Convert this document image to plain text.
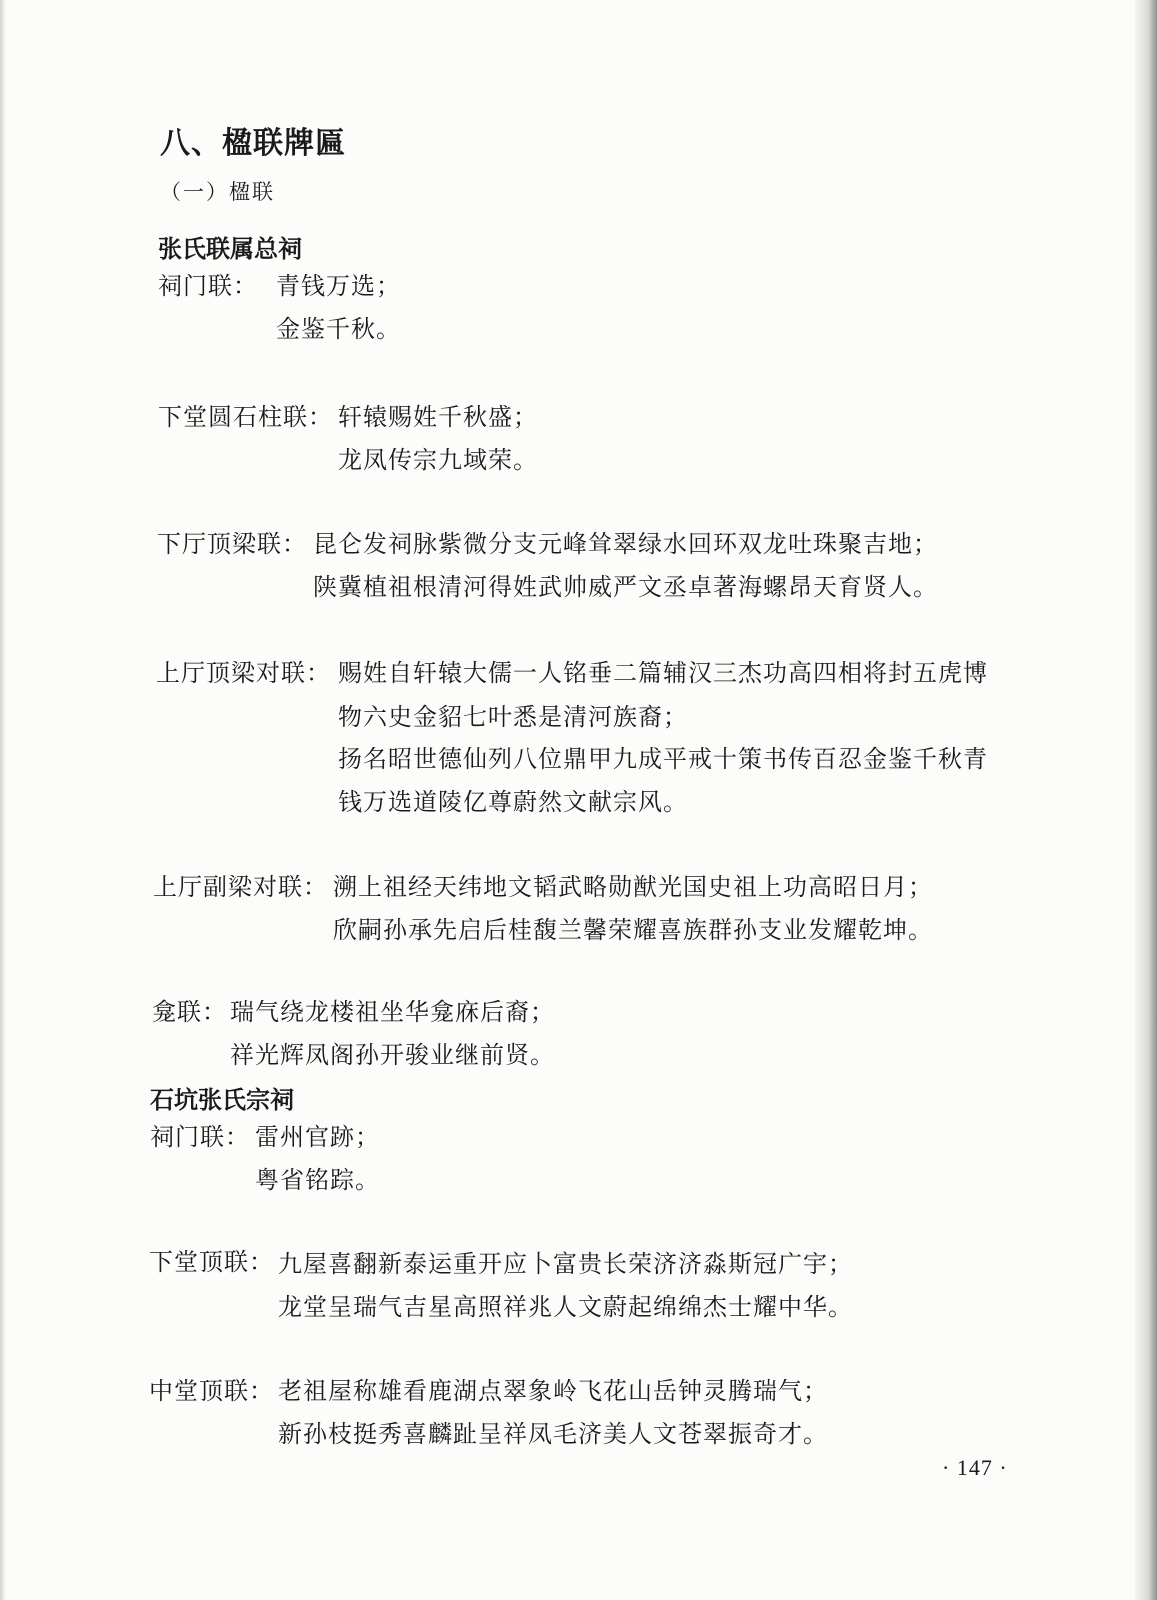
八、楹联牌匾
（一）楹联
张氏联属总祠
祠门联： 青钱万选；
金鉴千秋。
下堂圆石柱联： 轩辕赐姓千秋盛；
龙凤传宗九域荣。
下厅顶梁联： 昆仑发祠脉紫微分支元峰耸翠绿水回环双龙吐珠聚吉地；
陕冀植祖根清河得姓武帅威严文丞卓著海螺昂天育贤人。
上厅顶梁对联： 赐姓自轩辕大儒一人铭垂二篇辅汉三杰功高四相将封五虎博
物六史金貂七叶悉是清河族裔；
扬名昭世德仙列八位鼎甲九成平戒十策书传百忍金鉴千秋青
钱万选道陵亿尊蔚然文献宗风。
上厅副梁对联： 溯上祖经天纬地文韬武略勋猷光国史祖上功高昭日月；
欣嗣孙承先启后桂馥兰馨荣耀喜族群孙支业发耀乾坤。
龛联： 瑞气绕龙楼祖坐华龛庥后裔；
祥光辉凤阁孙开骏业继前贤。
石坑张氏宗祠
祠门联： 雷州官跡；
粤省铭踪。
下堂顶联： 九屋喜翻新泰运重开应卜富贵长荣济济淼斯冠广宇；
龙堂呈瑞气吉星高照祥兆人文蔚起绵绵杰士耀中华。
中堂顶联： 老祖屋称雄看鹿湖点翠象岭飞花山岳钟灵腾瑞气；
新孙枝挺秀喜麟趾呈祥凤毛济美人文苍翠振奇才。
· 147 ·
